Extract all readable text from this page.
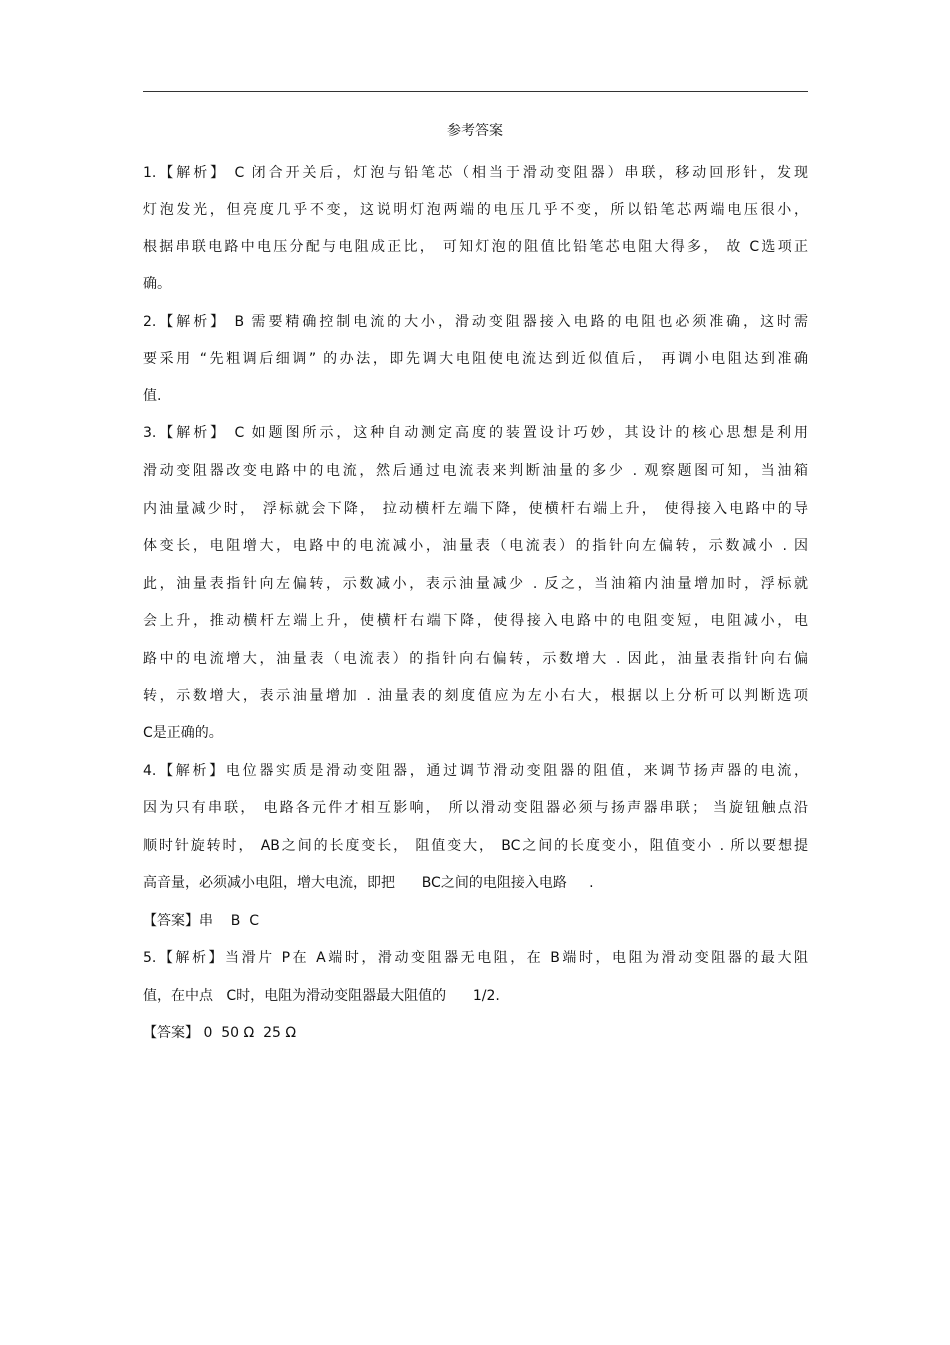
参考答案
1.【解析】 C 闭合开关后，灯泡与铅笔芯（相当于滑动变阻器）串联，移动回形针，发现
灯泡发光，但亮度几乎不变，这说明灯泡两端的电压几乎不变，所以铅笔芯两端电压很小，
根据串联电路中电压分配与电阻成正比， 可知灯泡的阻值比铅笔芯电阻大得多， 故 C选项正
确。
2.【解析】 B 需要精确控制电流的大小，滑动变阻器接入电路的电阻也必须准确，这时需
要采用 “先粗调后细调” 的办法，即先调大电阻使电流达到近似值后， 再调小电阻达到准确
值.
3.【解析】 C 如题图所示，这种自动测定高度的装置设计巧妙，其设计的核心思想是利用
滑动变阻器改变电路中的电流，然后通过电流表来判断油量的多少 . 观察题图可知，当油箱
内油量减少时， 浮标就会下降， 拉动横杆左端下降，使横杆右端上升， 使得接入电路中的导
体变长，电阻增大，电路中的电流减小，油量表（电流表）的指针向左偏转，示数减小 . 因
此，油量表指针向左偏转，示数减小，表示油量减少 . 反之，当油箱内油量增加时，浮标就
会上升，推动横杆左端上升，使横杆右端下降，使得接入电路中的电阻变短，电阻减小，电
路中的电流增大，油量表（电流表）的指针向右偏转，示数增大 . 因此，油量表指针向右偏
转，示数增大，表示油量增加 . 油量表的刻度值应为左小右大，根据以上分析可以判断选项
C是正确的。
4.【解析】电位器实质是滑动变阻器，通过调节滑动变阻器的阻值，来调节扬声器的电流，
因为只有串联， 电路各元件才相互影响， 所以滑动变阻器必须与扬声器串联； 当旋钮触点沿
顺时针旋转时， AB之间的长度变长， 阻值变大， BC之间的长度变小，阻值变小 . 所以要想提
高音量，必须减小电阻，增大电流，即把      BC之间的电阻接入电路     .
【答案】串    B  C
5.【解析】当滑片 P在 A端时，滑动变阻器无电阻，在 B端时，电阻为滑动变阻器的最大阻
值，在中点   C时，电阻为滑动变阻器最大阻值的      1/2.
【答案】 0  50 Ω  25 Ω
